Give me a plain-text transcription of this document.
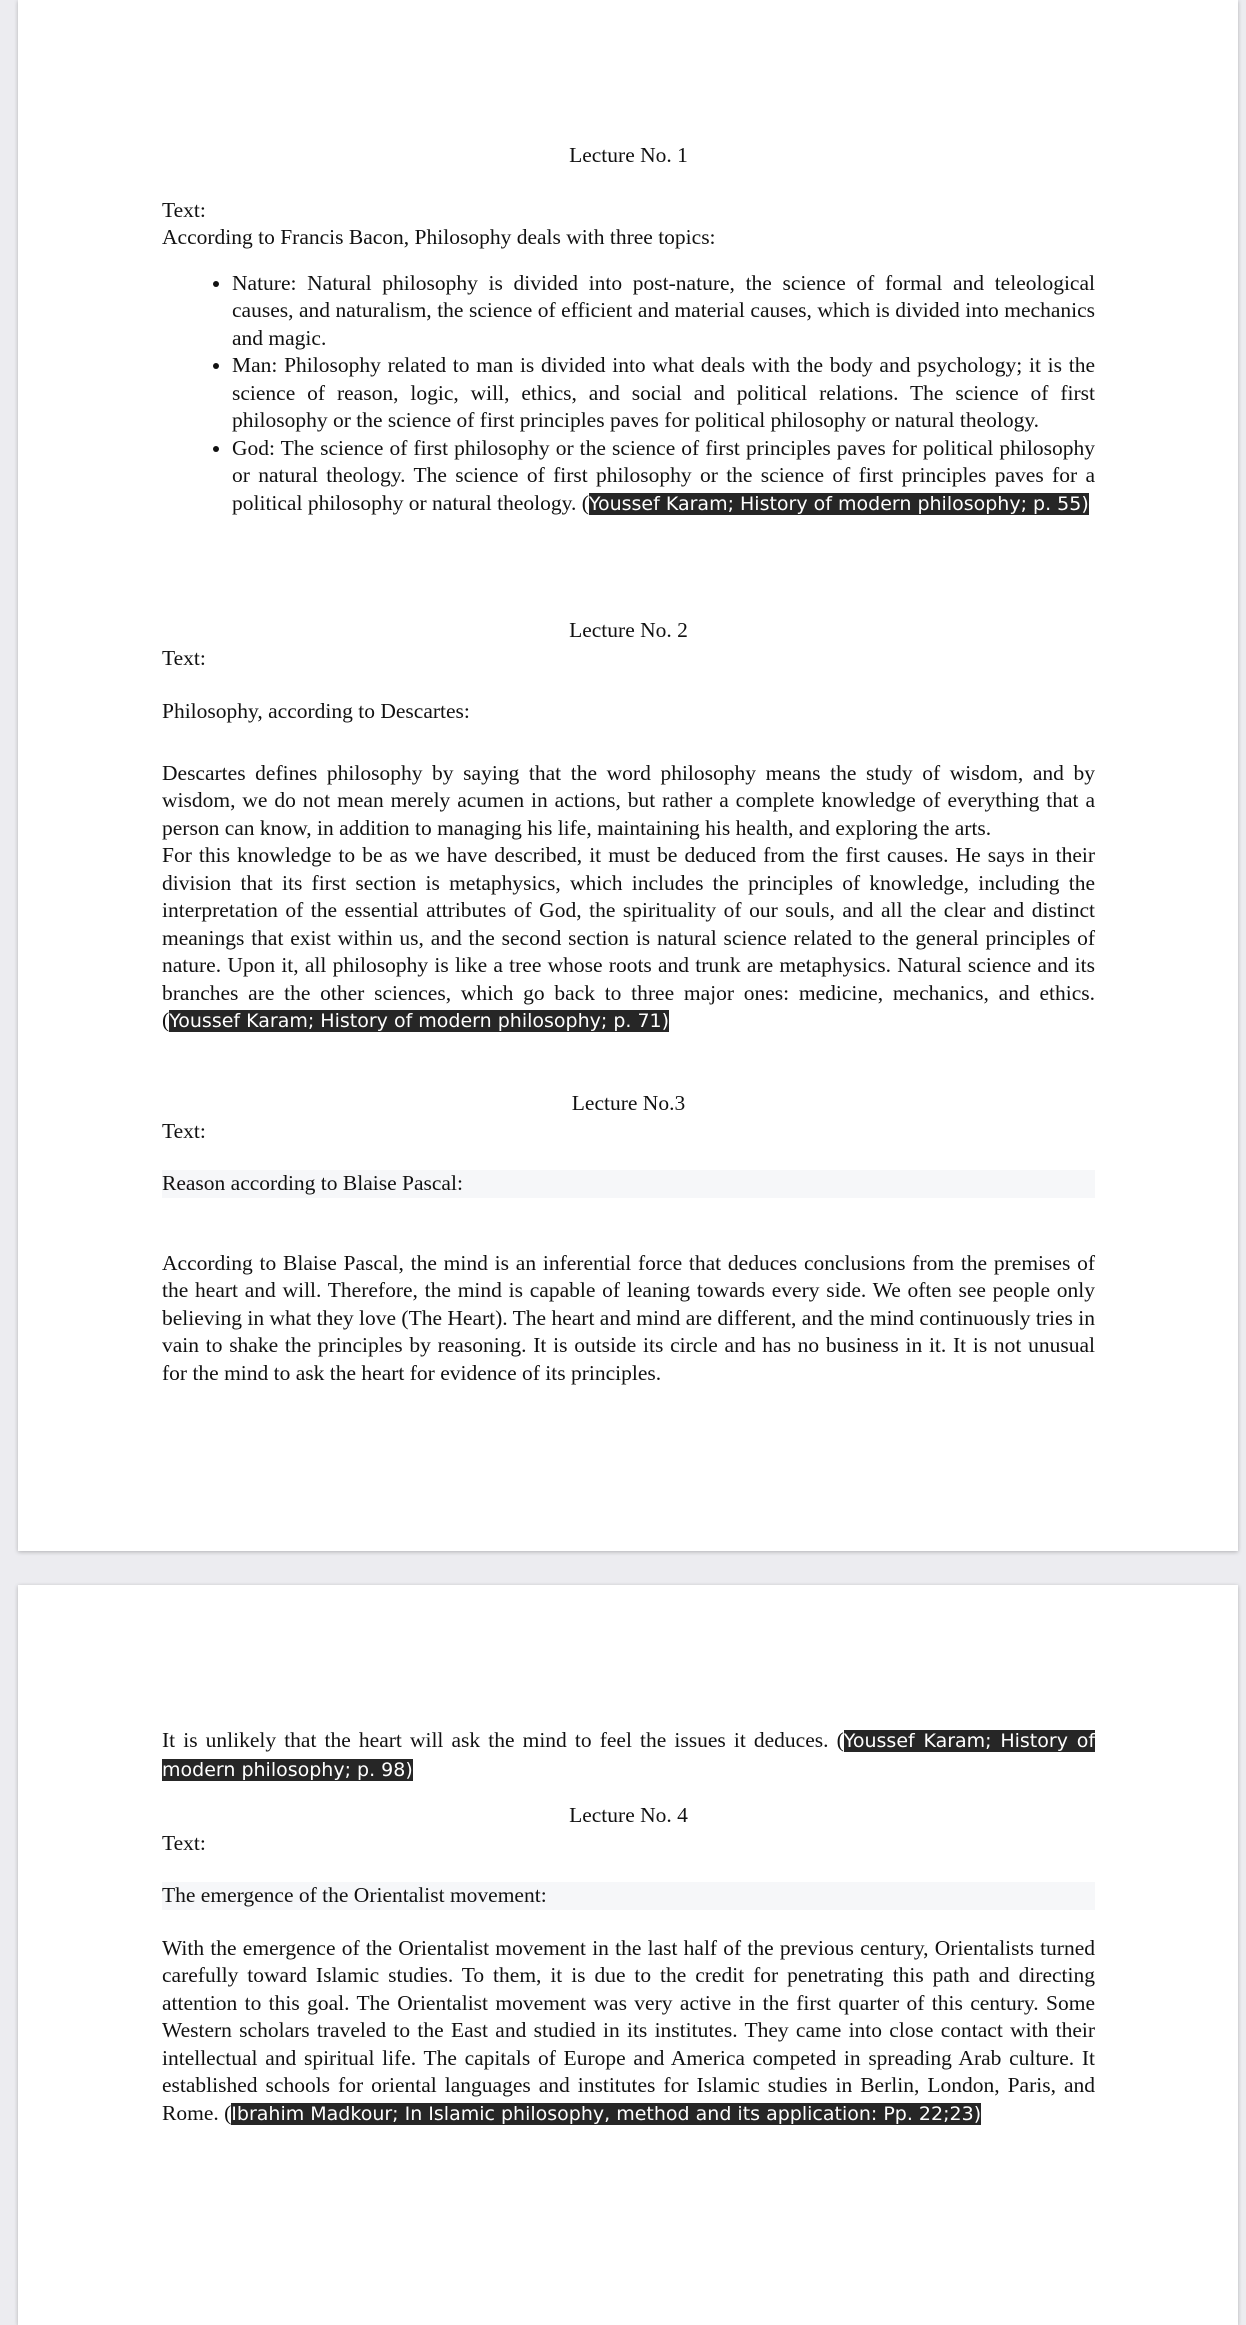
Lecture No. 1
Text:
According to Francis Bacon, Philosophy deals with three topics:
• Nature: Natural philosophy is divided into post-nature, the science of formal and teleological causes, and naturalism, the science of efficient and material causes, which is divided into mechanics and magic.
• Man: Philosophy related to man is divided into what deals with the body and psychology; it is the science of reason, logic, will, ethics, and social and political relations. The science of first philosophy or the science of first principles paves for political philosophy or natural theology.
• God: The science of first philosophy or the science of first principles paves for political philosophy or natural theology. The science of first philosophy or the science of first principles paves for a political philosophy or natural theology. (Youssef Karam; History of modern philosophy; p. 55)
Lecture No. 2
Text:
Philosophy, according to Descartes:
Descartes defines philosophy by saying that the word philosophy means the study of wisdom, and by wisdom, we do not mean merely acumen in actions, but rather a complete knowledge of everything that a person can know, in addition to managing his life, maintaining his health, and exploring the arts.
For this knowledge to be as we have described, it must be deduced from the first causes. He says in their division that its first section is metaphysics, which includes the principles of knowledge, including the interpretation of the essential attributes of God, the spirituality of our souls, and all the clear and distinct meanings that exist within us, and the second section is natural science related to the general principles of nature. Upon it, all philosophy is like a tree whose roots and trunk are metaphysics. Natural science and its branches are the other sciences, which go back to three major ones: medicine, mechanics, and ethics. (Youssef Karam; History of modern philosophy; p. 71)
Lecture No.3
Text:
Reason according to Blaise Pascal:
According to Blaise Pascal, the mind is an inferential force that deduces conclusions from the premises of the heart and will. Therefore, the mind is capable of leaning towards every side. We often see people only believing in what they love (The Heart). The heart and mind are different, and the mind continuously tries in vain to shake the principles by reasoning. It is outside its circle and has no business in it. It is not unusual for the mind to ask the heart for evidence of its principles.
It is unlikely that the heart will ask the mind to feel the issues it deduces. (Youssef Karam; History of modern philosophy; p. 98)
Lecture No. 4
Text:
The emergence of the Orientalist movement:
With the emergence of the Orientalist movement in the last half of the previous century, Orientalists turned carefully toward Islamic studies. To them, it is due to the credit for penetrating this path and directing attention to this goal. The Orientalist movement was very active in the first quarter of this century. Some Western scholars traveled to the East and studied in its institutes. They came into close contact with their intellectual and spiritual life. The capitals of Europe and America competed in spreading Arab culture. It established schools for oriental languages and institutes for Islamic studies in Berlin, London, Paris, and Rome. (Ibrahim Madkour; In Islamic philosophy, method and its application: Pp. 22;23)
